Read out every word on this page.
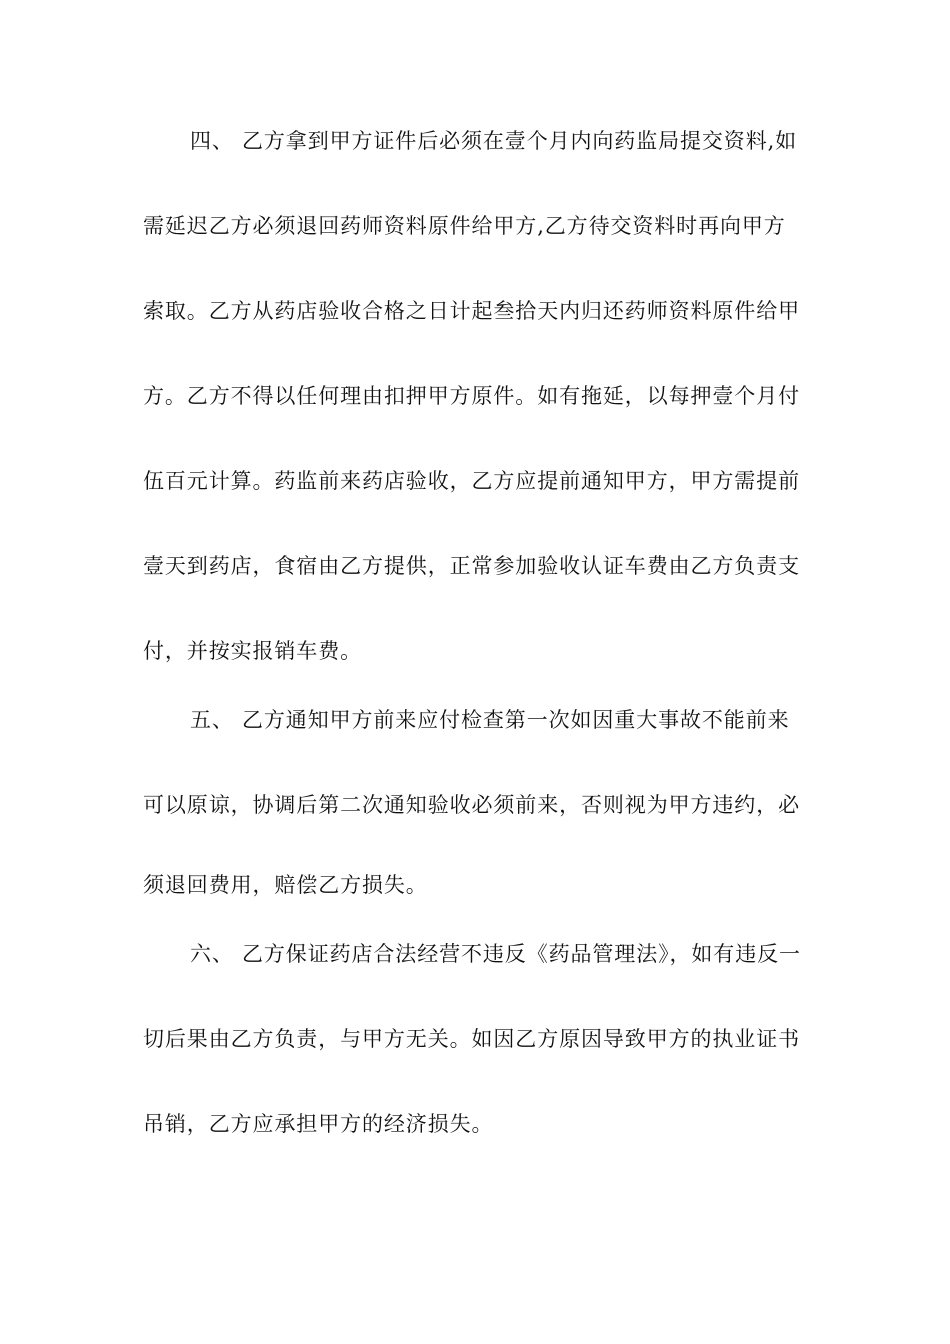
四、 乙方拿到甲方证件后必须在壹个月内向药监局提交资料,如
需延迟乙方必须退回药师资料原件给甲方,乙方待交资料时再向甲方
索取。乙方从药店验收合格之日计起叁拾天内归还药师资料原件给甲
方。乙方不得以任何理由扣押甲方原件。如有拖延，以每押壹个月付
伍百元计算。药监前来药店验收，乙方应提前通知甲方，甲方需提前
壹天到药店，食宿由乙方提供，正常参加验收认证车费由乙方负责支
付，并按实报销车费。
五、 乙方通知甲方前来应付检查第一次如因重大事故不能前来
可以原谅，协调后第二次通知验收必须前来，否则视为甲方违约，必
须退回费用，赔偿乙方损失。
六、 乙方保证药店合法经营不违反《药品管理法》，如有违反一
切后果由乙方负责，与甲方无关。如因乙方原因导致甲方的执业证书
吊销，乙方应承担甲方的经济损失。
